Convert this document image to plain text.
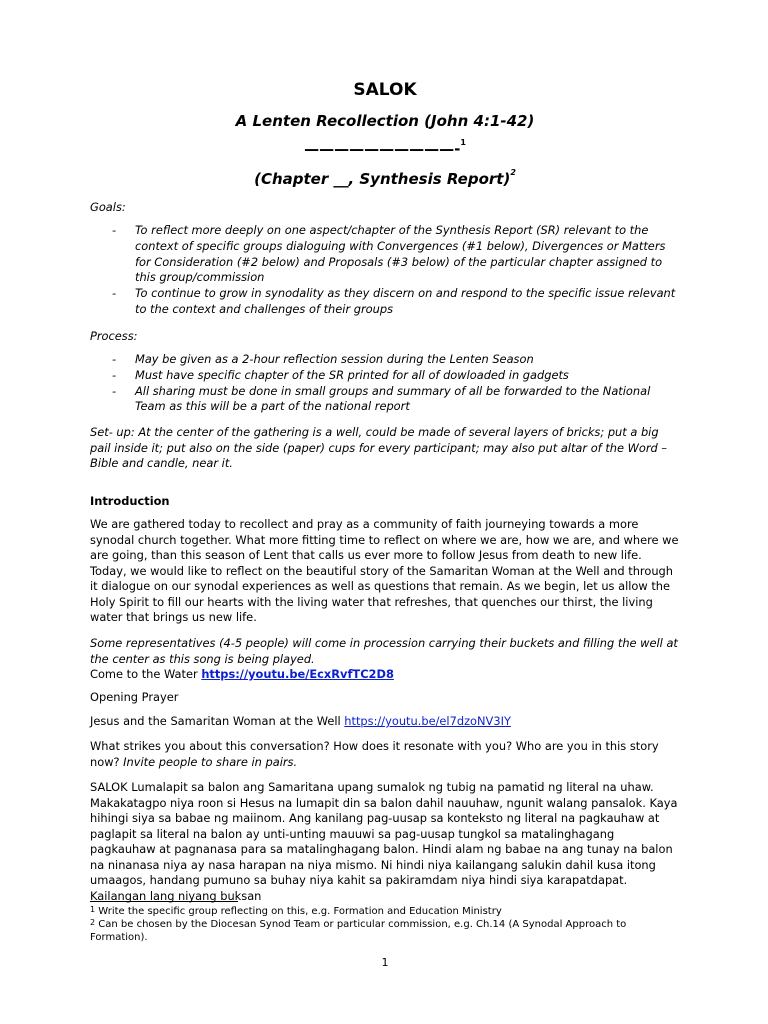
SALOK
A Lenten Recollection (John 4:1-42)
——————————-$^1$
(Chapter __, Synthesis Report)$^2$
Goals:
- To reflect more deeply on one aspect/chapter of the Synthesis Report (SR) relevant to the context of specific groups dialoguing with Convergences (#1 below), Divergences or Matters for Consideration (#2 below) and Proposals (#3 below) of the particular chapter assigned to this group/commission
- To continue to grow in synodality as they discern on and respond to the specific issue relevant to the context and challenges of their groups
Process:
- May be given as a 2-hour reflection session during the Lenten Season
- Must have specific chapter of the SR printed for all of dowloaded in gadgets
- All sharing must be done in small groups and summary of all be forwarded to the National Team as this will be a part of the national report
Set- up: At the center of the gathering is a well, could be made of several layers of bricks; put a big pail inside it; put also on the side (paper) cups for every participant; may also put altar of the Word – Bible and candle, near it.
Introduction
We are gathered today to recollect and pray as a community of faith journeying towards a more synodal church together. What more fitting time to reflect on where we are, how we are, and where we are going, than this season of Lent that calls us ever more to follow Jesus from death to new life. Today, we would like to reflect on the beautiful story of the Samaritan Woman at the Well and through it dialogue on our synodal experiences as well as questions that remain. As we begin, let us allow the Holy Spirit to fill our hearts with the living water that refreshes, that quenches our thirst, the living water that brings us new life.
Some representatives (4-5 people) will come in procession carrying their buckets and filling the well at the center as this song is being played.
Come to the Water https://youtu.be/EcxRvfTC2D8
Opening Prayer
Jesus and the Samaritan Woman at the Well https://youtu.be/el7dzoNV3IY
What strikes you about this conversation? How does it resonate with you? Who are you in this story now? Invite people to share in pairs.
SALOK Lumalapit sa balon ang Samaritana upang sumalok ng tubig na pamatid ng literal na uhaw. Makakatagpo niya roon si Hesus na lumapit din sa balon dahil nauuhaw, ngunit walang pansalok. Kaya hihingi siya sa babae ng maiinom. Ang kanilang pag-uusap sa konteksto ng literal na pagkauhaw at paglapit sa literal na balon ay unti-unting mauuwi sa pag-uusap tungkol sa matalinghagang pagkauhaw at pagnanasa para sa matalinghagang balon. Hindi alam ng babae na ang tunay na balon na ninanasa niya ay nasa harapan na niya mismo. Ni hindi niya kailangang salukin dahil kusa itong umaagos, handang pumuno sa buhay niya kahit sa pakiramdam niya hindi siya karapatdapat. Kailangan lang niyang buksan
$^1$ Write the specific group reflecting on this, e.g. Formation and Education Ministry
$^2$ Can be chosen by the Diocesan Synod Team or particular commission, e.g. Ch.14 (A Synodal Approach to Formation).
1
